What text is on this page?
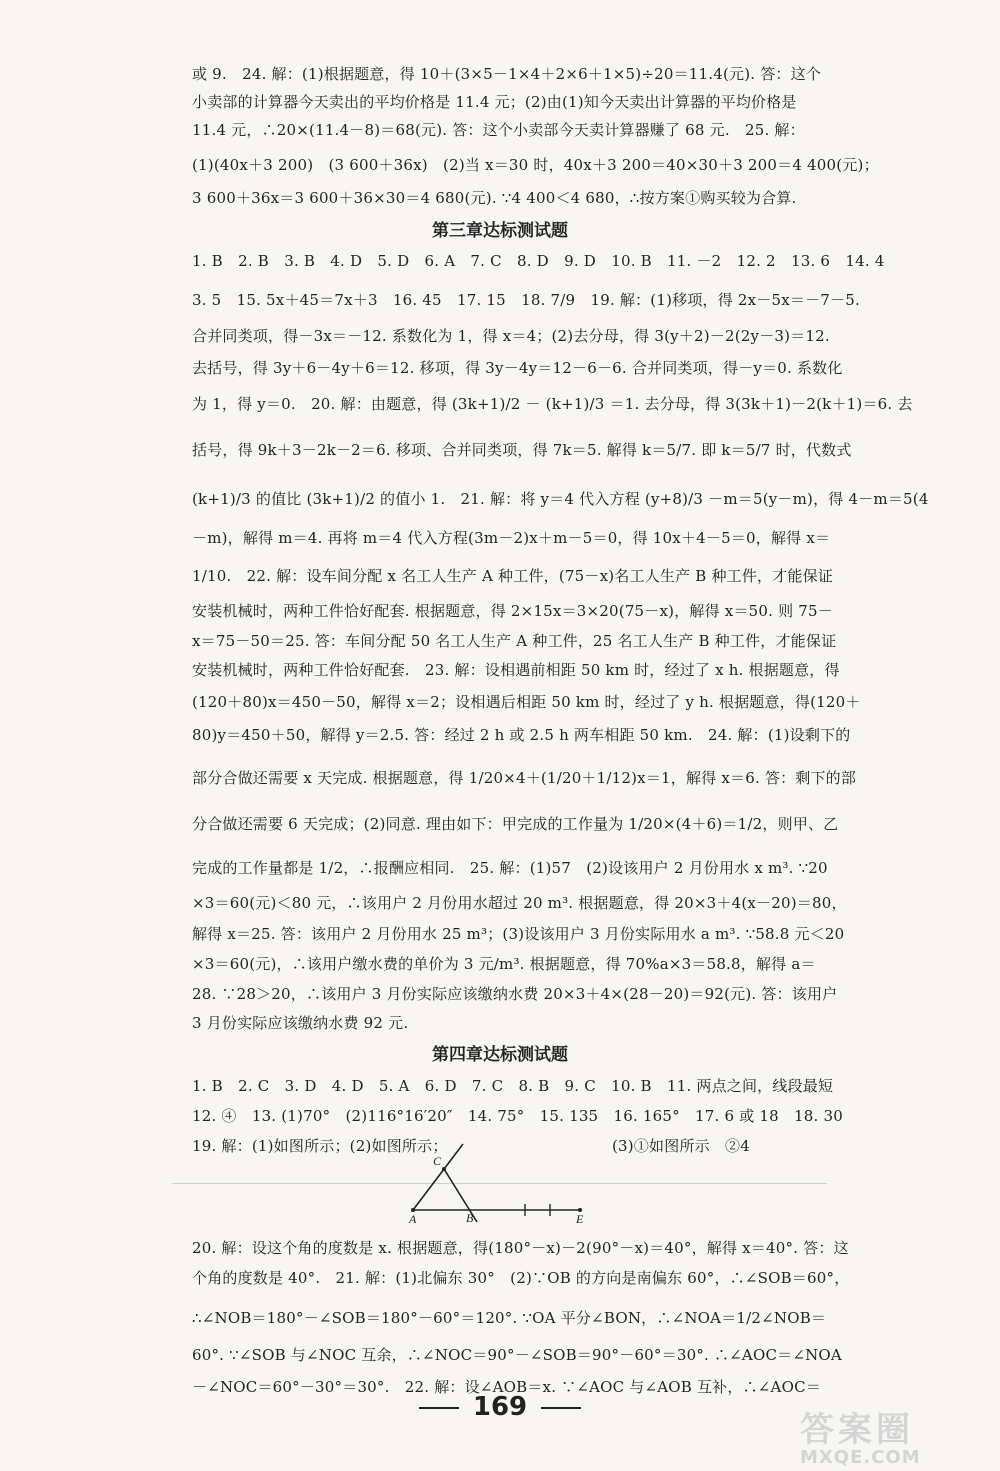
或 9.　24. 解：(1)根据题意，得 10＋(3×5－1×4＋2×6＋1×5)÷20＝11.4(元). 答：这个
小卖部的计算器今天卖出的平均价格是 11.4 元；(2)由(1)知今天卖出计算器的平均价格是
11.4 元，∴20×(11.4－8)＝68(元). 答：这个小卖部今天卖计算器赚了 68 元.　25. 解：
(1)(40x＋3 200)　(3 600＋36x)　(2)当 x＝30 时，40x＋3 200＝40×30＋3 200＝4 400(元)；
3 600＋36x＝3 600＋36×30＝4 680(元). ∵4 400＜4 680，∴按方案①购买较为合算.
第三章达标测试题
1. B　2. B　3. B　4. D　5. D　6. A　7. C　8. D　9. D　10. B　11. －2　12. 2　13. 6　14. 4
3. 5　15. 5x＋45＝7x＋3　16. 45　17. 15　18. 7/9　19. 解：(1)移项，得 2x－5x＝－7－5.
合并同类项，得－3x＝－12. 系数化为 1，得 x＝4；(2)去分母，得 3(y＋2)－2(2y－3)＝12.
去括号，得 3y＋6－4y＋6＝12. 移项，得 3y－4y＝12－6－6. 合并同类项，得－y＝0. 系数化
为 1，得 y＝0.　20. 解：由题意，得 (3k+1)/2 － (k+1)/3 ＝1. 去分母，得 3(3k＋1)－2(k＋1)＝6. 去
括号，得 9k＋3－2k－2＝6. 移项、合并同类项，得 7k＝5. 解得 k＝5/7. 即 k＝5/7 时，代数式
(k+1)/3 的值比 (3k+1)/2 的值小 1.　21. 解：将 y＝4 代入方程 (y+8)/3 －m＝5(y－m)，得 4－m＝5(4
－m)，解得 m＝4. 再将 m＝4 代入方程(3m－2)x＋m－5＝0，得 10x＋4－5＝0，解得 x＝
1/10.　22. 解：设车间分配 x 名工人生产 A 种工件，(75－x)名工人生产 B 种工件，才能保证
安装机械时，两种工件恰好配套. 根据题意，得 2×15x＝3×20(75－x)，解得 x＝50. 则 75－
x＝75－50＝25. 答：车间分配 50 名工人生产 A 种工件，25 名工人生产 B 种工件，才能保证
安装机械时，两种工件恰好配套.　23. 解：设相遇前相距 50 km 时，经过了 x h. 根据题意，得
(120＋80)x＝450－50，解得 x＝2；设相遇后相距 50 km 时，经过了 y h. 根据题意，得(120＋
80)y＝450＋50，解得 y＝2.5. 答：经过 2 h 或 2.5 h 两车相距 50 km.　24. 解：(1)设剩下的
部分合做还需要 x 天完成. 根据题意，得 1/20×4＋(1/20＋1/12)x＝1，解得 x＝6. 答：剩下的部
分合做还需要 6 天完成；(2)同意. 理由如下：甲完成的工作量为 1/20×(4＋6)＝1/2，则甲、乙
完成的工作量都是 1/2，∴报酬应相同.　25. 解：(1)57　(2)设该用户 2 月份用水 x m³. ∵20
×3＝60(元)＜80 元，∴该用户 2 月份用水超过 20 m³. 根据题意，得 20×3＋4(x－20)＝80，
解得 x＝25. 答：该用户 2 月份用水 25 m³；(3)设该用户 3 月份实际用水 a m³. ∵58.8 元＜20
×3＝60(元)，∴该用户缴水费的单价为 3 元/m³. 根据题意，得 70%a×3＝58.8，解得 a＝
28. ∵28＞20，∴该用户 3 月份实际应该缴纳水费 20×3＋4×(28－20)＝92(元). 答：该用户
3 月份实际应该缴纳水费 92 元.
第四章达标测试题
1. B　2. C　3. D　4. D　5. A　6. D　7. C　8. B　9. C　10. B　11. 两点之间，线段最短
12. ④　13. (1)70°　(2)116°16′20″　14. 75°　15. 135　16. 165°　17. 6 或 18　18. 30
19. 解：(1)如图所示；(2)如图所示；	(3)①如图所示　②4
A	B
C
E
20. 解：设这个角的度数是 x. 根据题意，得(180°－x)－2(90°－x)＝40°，解得 x＝40°. 答：这
个角的度数是 40°.　21. 解：(1)北偏东 30°　(2)∵OB 的方向是南偏东 60°，∴∠SOB＝60°，
∴∠NOB＝180°－∠SOB＝180°－60°＝120°. ∵OA 平分∠BON，∴∠NOA＝1/2∠NOB＝
60°. ∵∠SOB 与∠NOC 互余，∴∠NOC＝90°－∠SOB＝90°－60°＝30°. ∴∠AOC＝∠NOA
－∠NOC＝60°－30°＝30°.　22. 解：设∠AOB＝x. ∵∠AOC 与∠AOB 互补，∴∠AOC＝
169
答案圈
MXQE.COM
